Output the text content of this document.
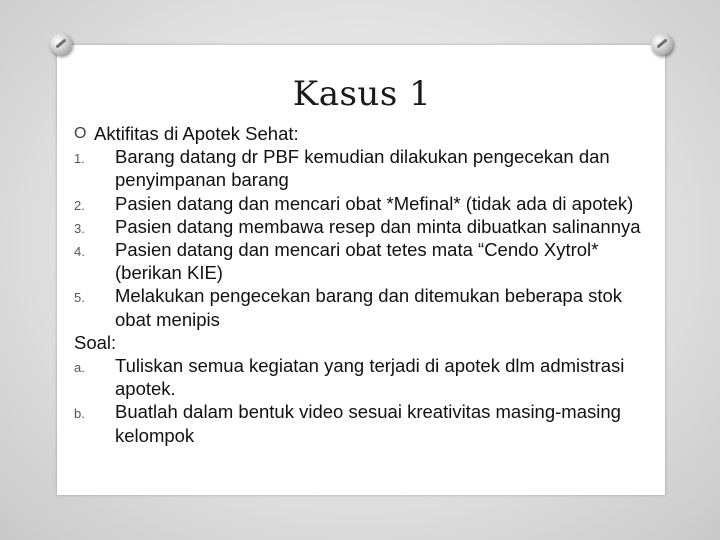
Kasus 1
O Aktifitas di Apotek Sehat:
1. Barang datang dr PBF kemudian dilakukan pengecekan dan
penyimpanan barang
2. Pasien datang dan mencari obat *Mefinal* (tidak ada di apotek)
3. Pasien datang membawa resep dan minta dibuatkan salinannya
4. Pasien datang dan mencari obat tetes mata “Cendo Xytrol*
(berikan KIE)
5. Melakukan pengecekan barang dan ditemukan beberapa stok
obat menipis
Soal:
a. Tuliskan semua kegiatan yang terjadi di apotek dlm admistrasi
apotek.
b. Buatlah dalam bentuk video sesuai kreativitas masing-masing
kelompok
